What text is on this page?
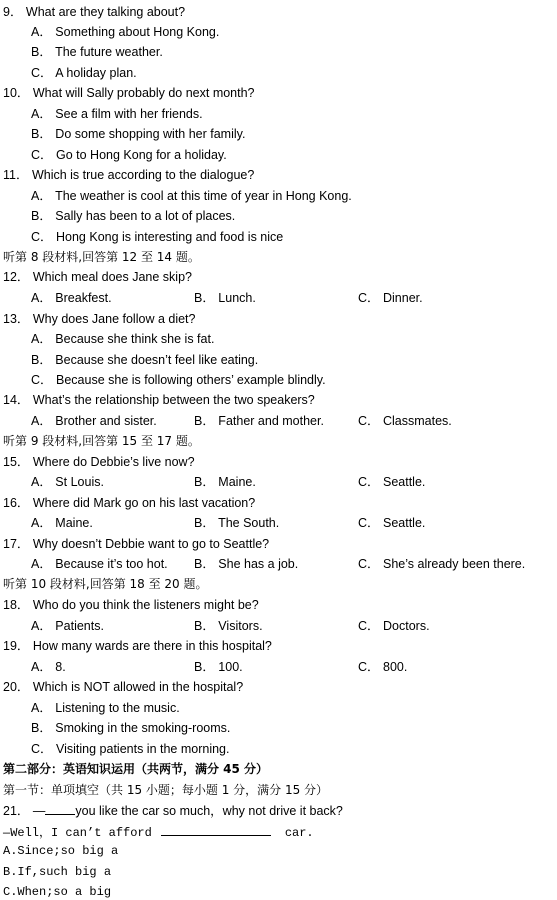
9． What are they talking about?
A． Something about Hong Kong.
B． The future weather.
C． A holiday plan.
10． What will Sally probably do next month?
A． See a film with her friends.
B． Do some shopping with her family.
C． Go to Hong Kong for a holiday.
11． Which is true according to the dialogue?
A． The weather is cool at this time of year in Hong Kong.
B． Sally has been to a lot of places.
C． Hong Kong is interesting and food is nice
听第 8 段材料,回答第 12 至 14 题。
12． Which meal does Jane skip?
A． Breakfest.	B． Lunch.	C． Dinner.
13． Why does Jane follow a diet?
A． Because she think she is fat.
B． Because she doesn’t feel like eating.
C． Because she is following others’ example blindly.
14． What’s the relationship between the two speakers?
A． Brother and sister.	B． Father and mother.	C． Classmates.
听第 9 段材料,回答第 15 至 17 题。
15． Where do Debbie’s live now?
A． St Louis.	B． Maine.	C． Seattle.
16． Where did Mark go on his last vacation?
A． Maine.	B． The South.	C． Seattle.
17． Why doesn’t Debbie want to go to Seattle?
A． Because it’s too hot. B． She has a job.	C． She’s already been there.
听第 10 段材料,回答第 18 至 20 题。
18． Who do you think the listeners might be?
A． Patients.	B． Visitors.	C． Doctors.
19． How many wards are there in this hospital?
A． 8.	B． 100.	C． 800.
20． Which is NOT allowed in the hospital?
A． Listening to the music.
B． Smoking in the smoking-rooms.
C． Visiting patients in the morning.
第二部分：英语知识运用（共两节，满分 45 分）
第一节：单项填空（共 15 小题；每小题 1 分，满分 15 分）
21． — you like the car so much，why not drive it back?
—Well，I can’t afford	car.
A.Since;so big a
B.If,such big a
C.When;so a big
